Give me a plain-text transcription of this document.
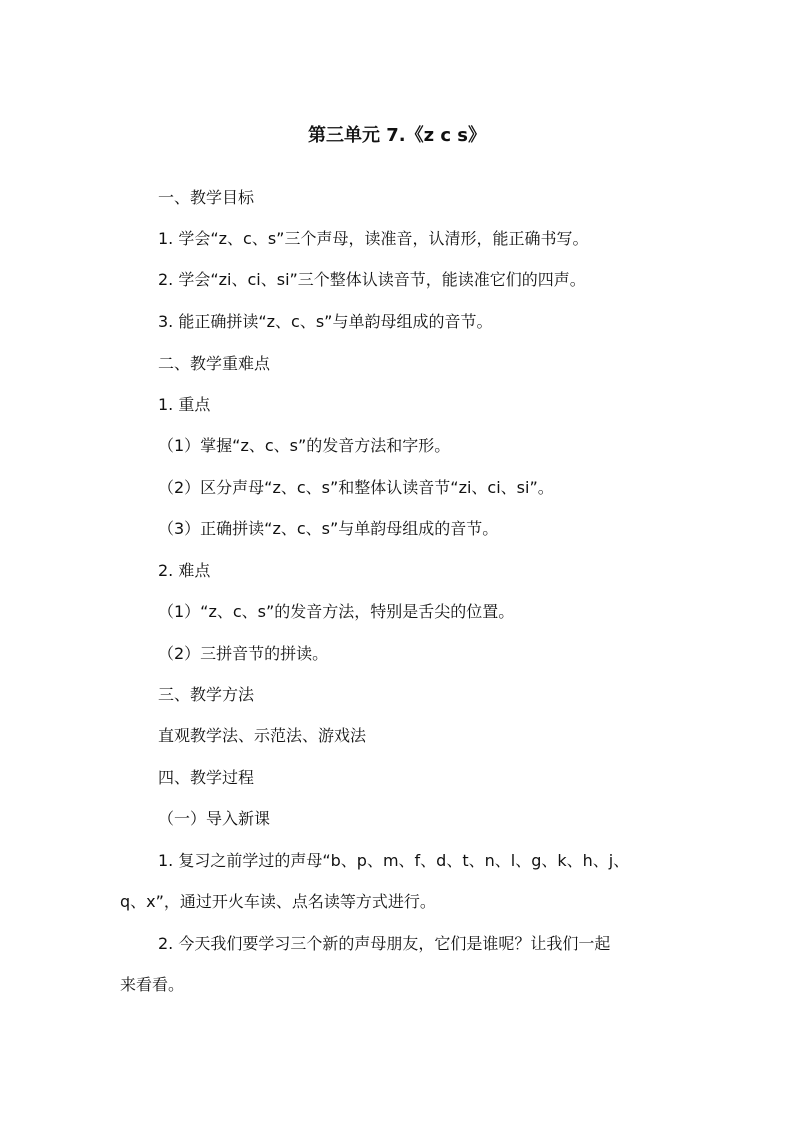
第三单元 7.《z c s》

一、教学目标

1. 学会“z、c、s”三个声母，读准音，认清形，能正确书写。

2. 学会“zi、ci、si”三个整体认读音节，能读准它们的四声。

3. 能正确拼读“z、c、s”与单韵母组成的音节。

二、教学重难点

1. 重点

（1）掌握“z、c、s”的发音方法和字形。

（2）区分声母“z、c、s”和整体认读音节“zi、ci、si”。

（3）正确拼读“z、c、s”与单韵母组成的音节。

2. 难点

（1）“z、c、s”的发音方法，特别是舌尖的位置。

（2）三拼音节的拼读。

三、教学方法

直观教学法、示范法、游戏法

四、教学过程

（一）导入新课

1. 复习之前学过的声母“b、p、m、f、d、t、n、l、g、k、h、j、

q、x”，通过开火车读、点名读等方式进行。

2. 今天我们要学习三个新的声母朋友，它们是谁呢？让我们一起

来看看。
